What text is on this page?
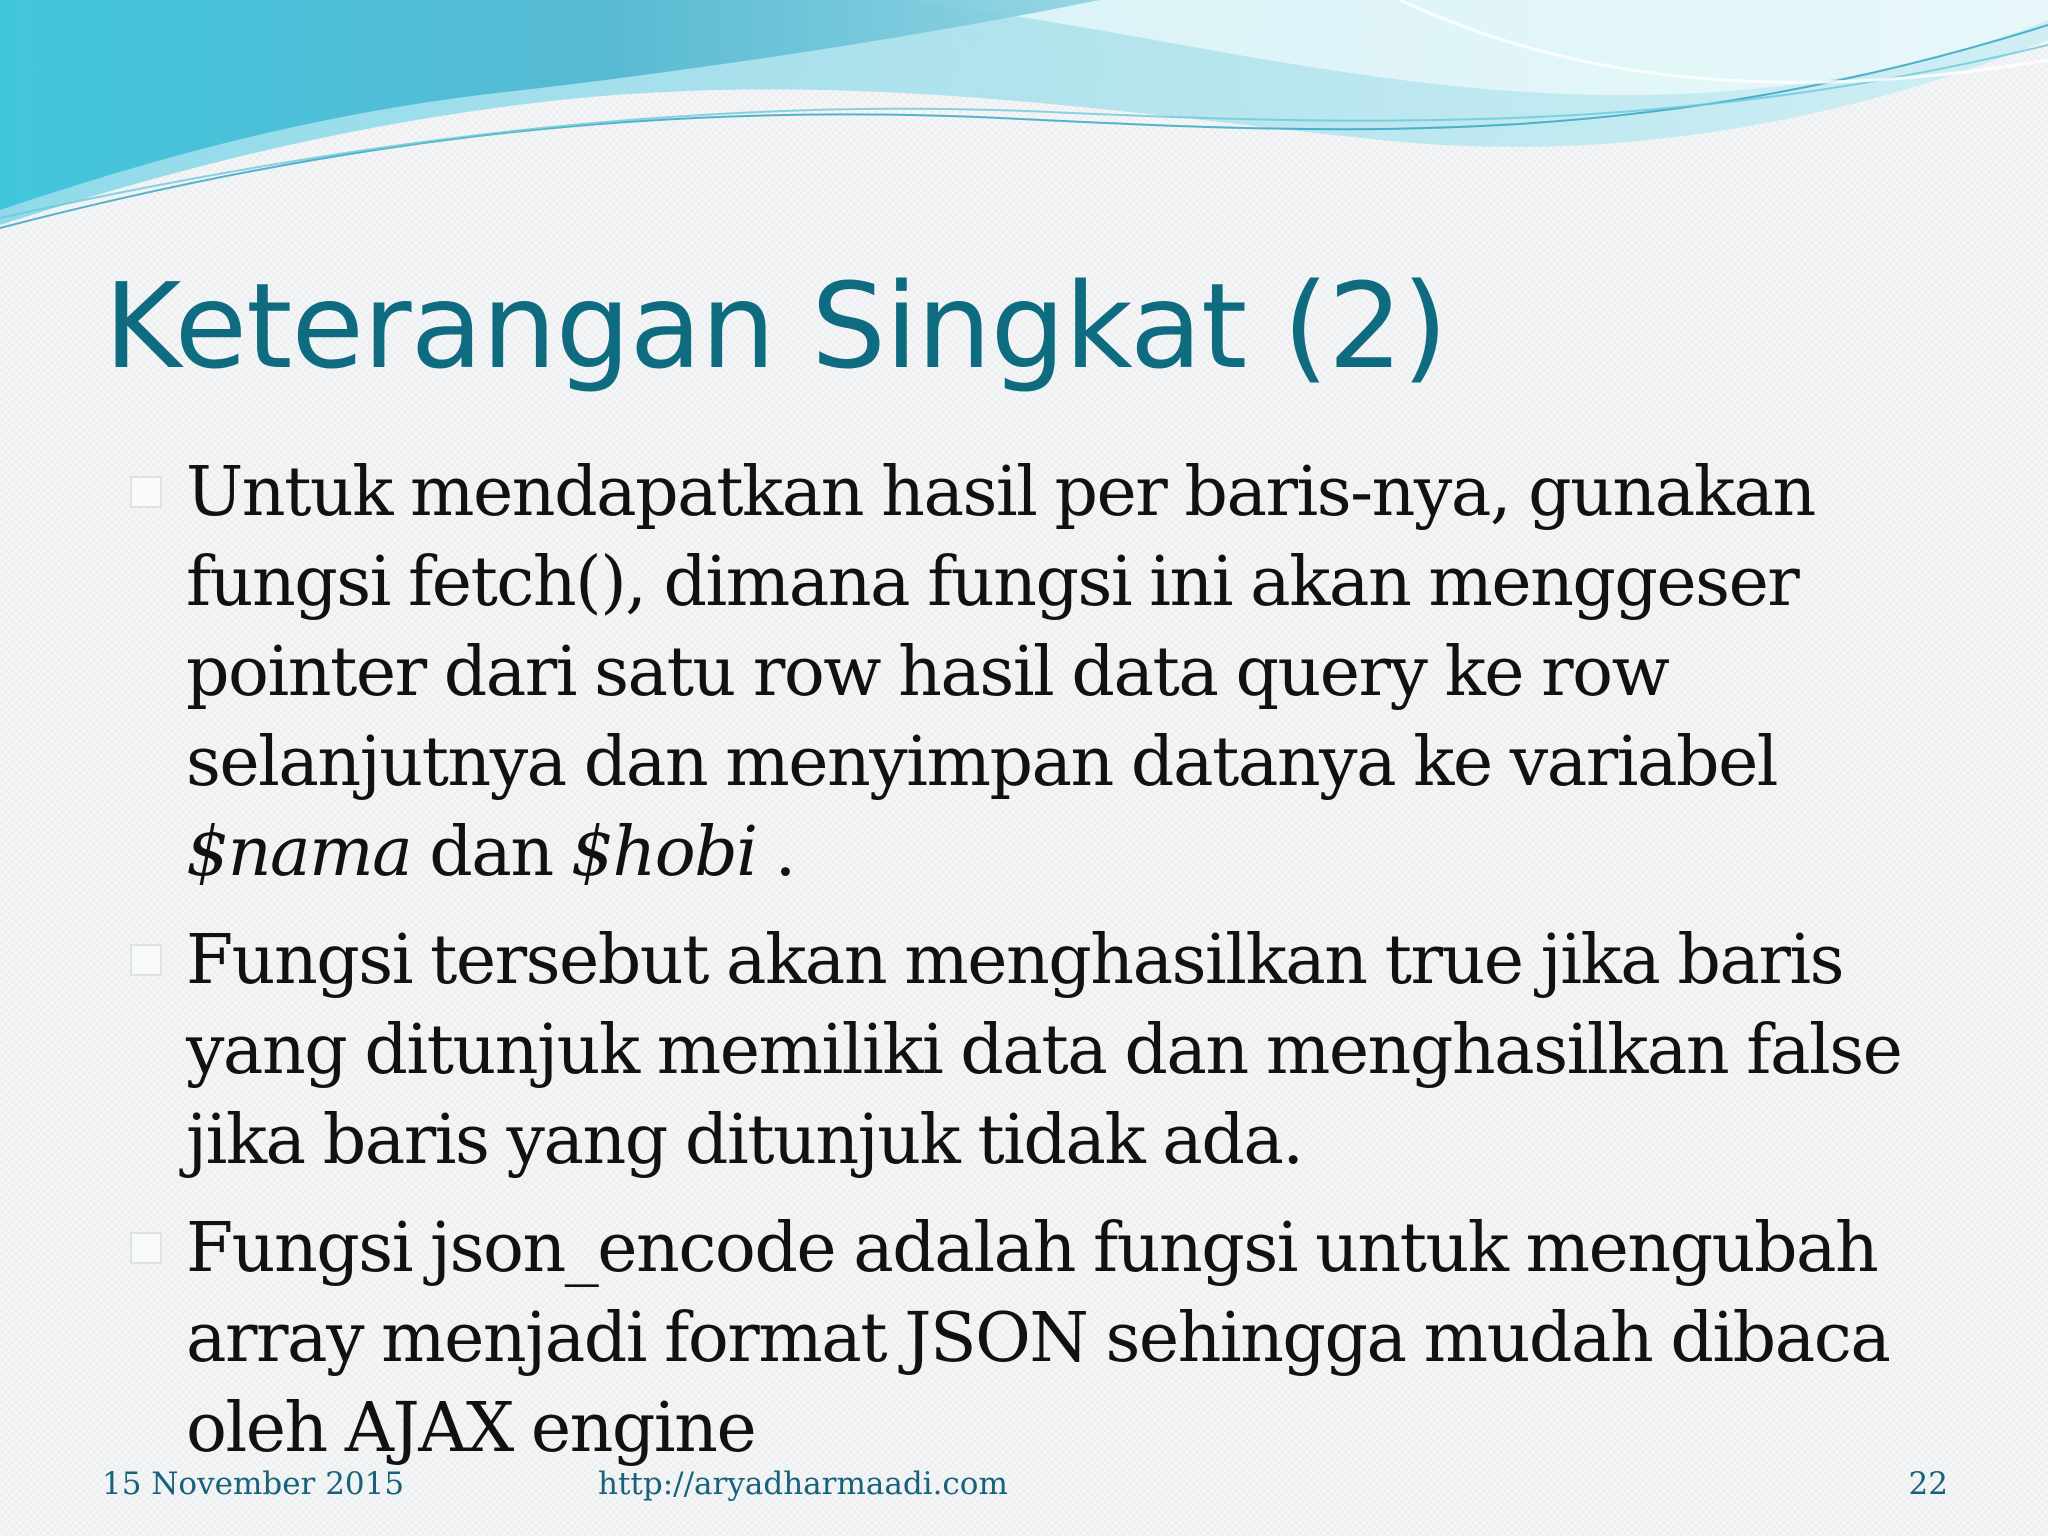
Keterangan Singkat (2)
Untuk mendapatkan hasil per baris-nya, gunakan fungsi fetch(), dimana fungsi ini akan menggeser pointer dari satu row hasil data query ke row selanjutnya dan menyimpan datanya ke variabel
$nama dan $hobi .
Fungsi tersebut akan menghasilkan true jika baris yang ditunjuk memiliki data dan menghasilkan false jika baris yang ditunjuk tidak ada.
Fungsi json_encode adalah fungsi untuk mengubah array menjadi format JSON sehingga mudah dibaca oleh AJAX engine
15 November 2015	http://aryadharmaadi.com	22
